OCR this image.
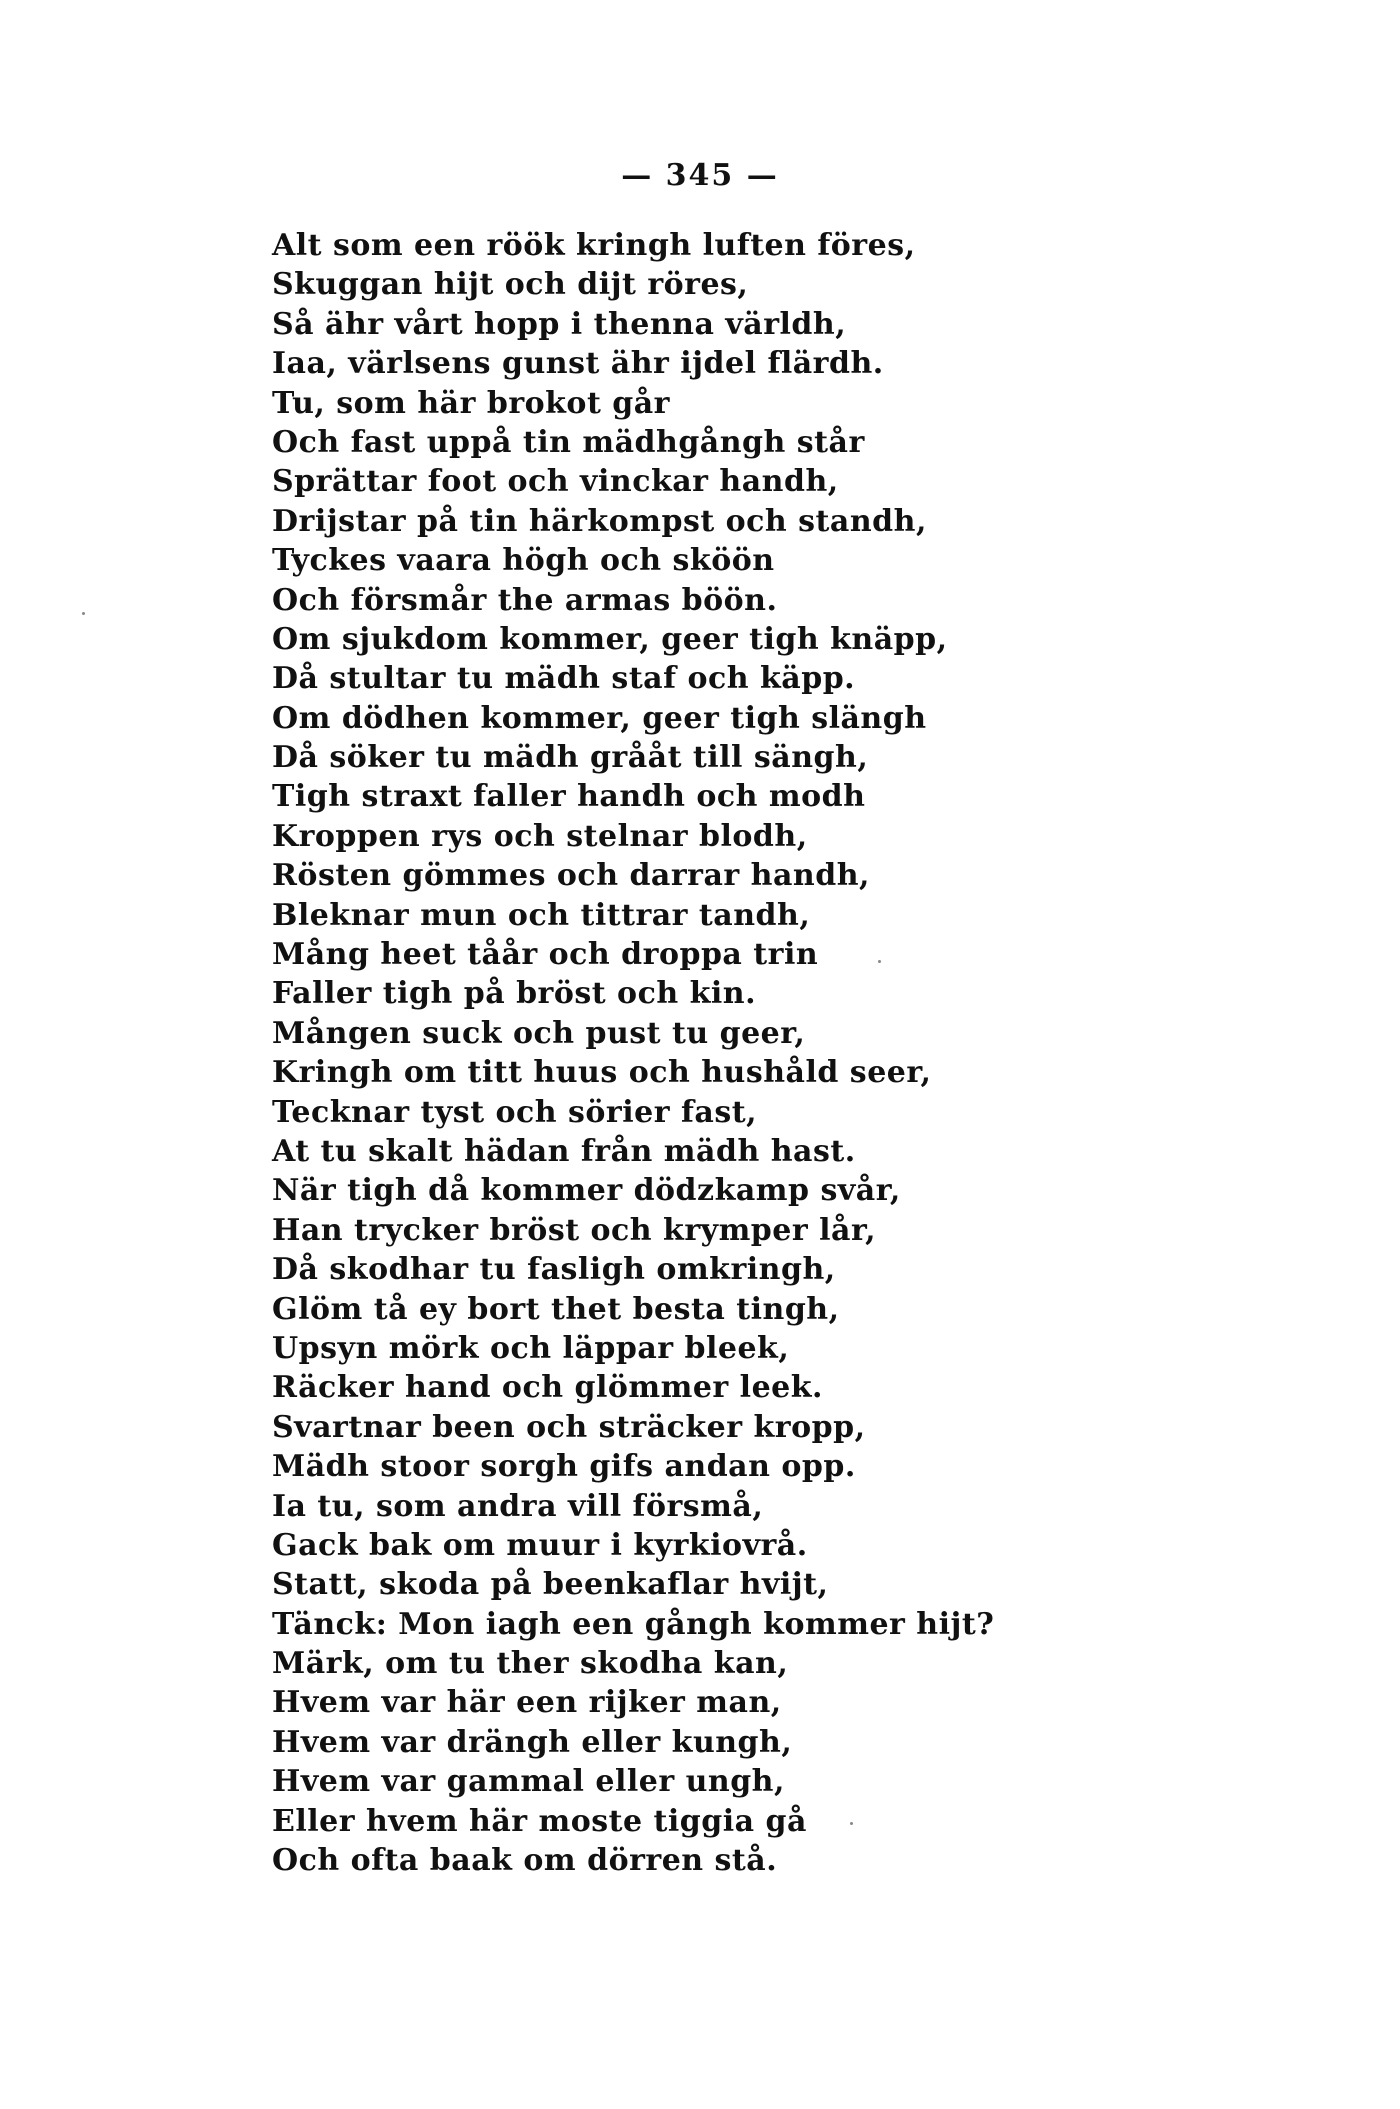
— 345 —
Alt som een röök kringh luften föres,
Skuggan hijt och dijt röres,
Så ähr vårt hopp i thenna världh,
Iaa, värlsens gunst ähr ijdel flärdh.
Tu, som här brokot går
Och fast uppå tin mädhgångh står
Sprättar foot och vinckar handh,
Drijstar på tin härkompst och standh,
Tyckes vaara högh och sköön
Och försmår the armas böön.
Om sjukdom kommer, geer tigh knäpp,
Då stultar tu mädh staf och käpp.
Om dödhen kommer, geer tigh slängh
Då söker tu mädh grååt till sängh,
Tigh straxt faller handh och modh
Kroppen rys och stelnar blodh,
Rösten gömmes och darrar handh,
Bleknar mun och tittrar tandh,
Mång heet tåår och droppa trin
Faller tigh på bröst och kin.
Mången suck och pust tu geer,
Kringh om titt huus och hushåld seer,
Tecknar tyst och sörier fast,
At tu skalt hädan från mädh hast.
När tigh då kommer dödzkamp svår,
Han trycker bröst och krymper lår,
Då skodhar tu fasligh omkringh,
Glöm tå ey bort thet besta tingh,
Upsyn mörk och läppar bleek,
Räcker hand och glömmer leek.
Svartnar been och sträcker kropp,
Mädh stoor sorgh gifs andan opp.
Ia tu, som andra vill försmå,
Gack bak om muur i kyrkiovrå.
Statt, skoda på beenkaflar hvijt,
Tänck: Mon iagh een gångh kommer hijt?
Märk, om tu ther skodha kan,
Hvem var här een rijker man,
Hvem var drängh eller kungh,
Hvem var gammal eller ungh,
Eller hvem här moste tiggia gå
Och ofta baak om dörren stå.
